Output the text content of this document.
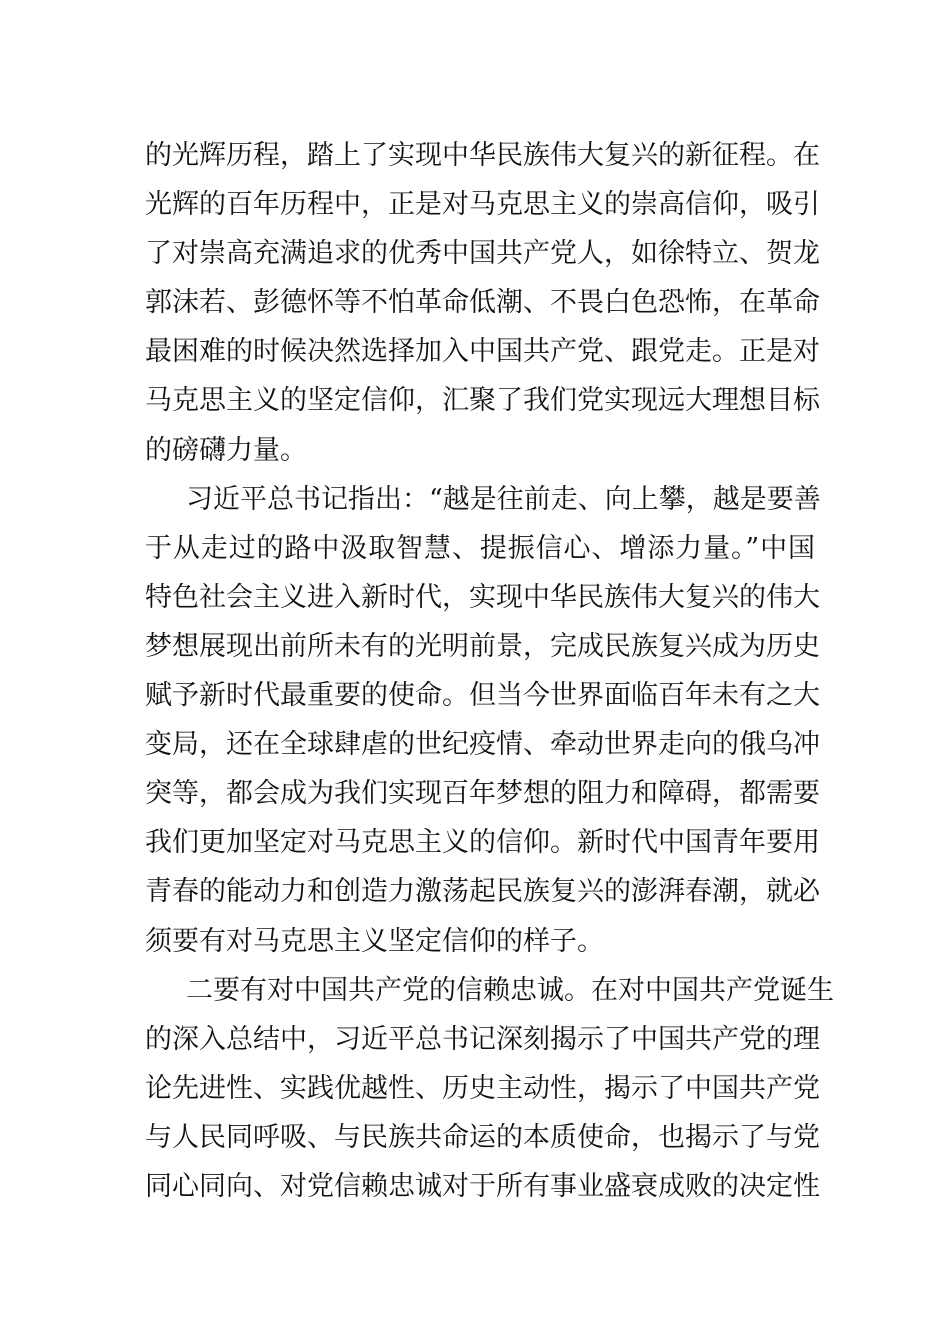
的光辉历程，踏上了实现中华民族伟大复兴的新征程。在
光辉的百年历程中，正是对马克思主义的崇高信仰，吸引
了对崇高充满追求的优秀中国共产党人，如徐特立、贺龙
郭沫若、彭德怀等不怕革命低潮、不畏白色恐怖，在革命
最困难的时候决然选择加入中国共产党、跟党走。正是对
马克思主义的坚定信仰，汇聚了我们党实现远大理想目标
的磅礴力量。
习近平总书记指出：“越是往前走、向上攀，越是要善
于从走过的路中汲取智慧、提振信心、增添力量。”中国
特色社会主义进入新时代，实现中华民族伟大复兴的伟大
梦想展现出前所未有的光明前景，完成民族复兴成为历史
赋予新时代最重要的使命。但当今世界面临百年未有之大
变局，还在全球肆虐的世纪疫情、牵动世界走向的俄乌冲
突等，都会成为我们实现百年梦想的阻力和障碍，都需要
我们更加坚定对马克思主义的信仰。新时代中国青年要用
青春的能动力和创造力激荡起民族复兴的澎湃春潮，就必
须要有对马克思主义坚定信仰的样子。
二要有对中国共产党的信赖忠诚。在对中国共产党诞生
的深入总结中，习近平总书记深刻揭示了中国共产党的理
论先进性、实践优越性、历史主动性，揭示了中国共产党
与人民同呼吸、与民族共命运的本质使命，也揭示了与党
同心同向、对党信赖忠诚对于所有事业盛衰成败的决定性
